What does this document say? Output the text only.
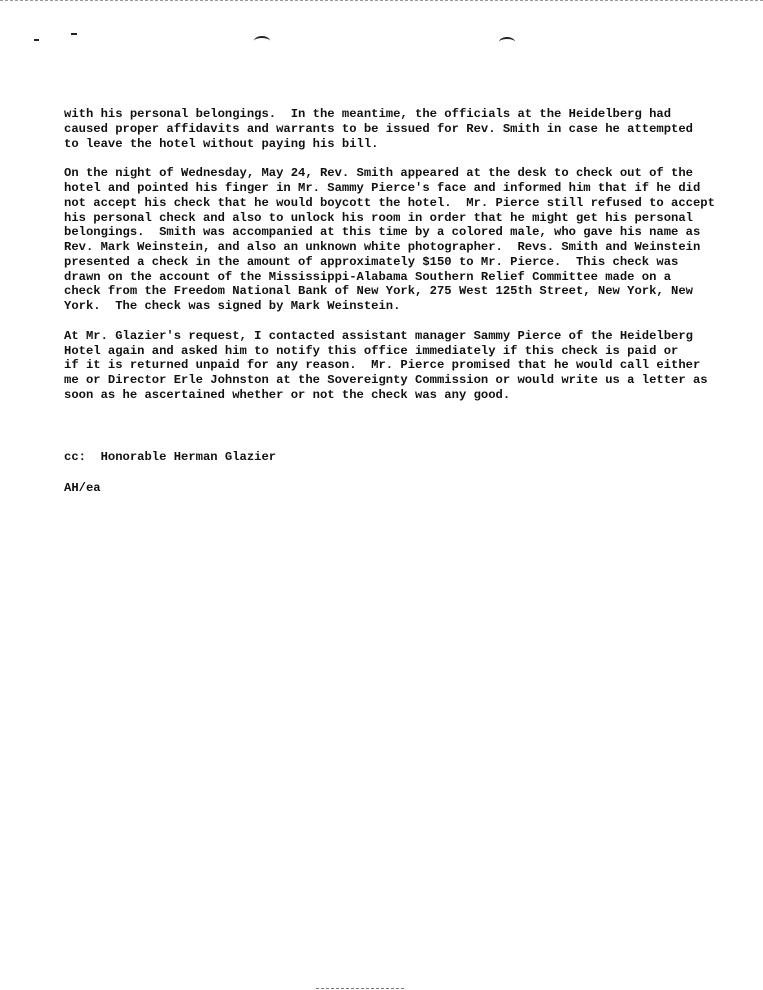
with his personal belongings.  In the meantime, the officials at the Heidelberg had
caused proper affidavits and warrants to be issued for Rev. Smith in case he attempted
to leave the hotel without paying his bill.
On the night of Wednesday, May 24, Rev. Smith appeared at the desk to check out of the
hotel and pointed his finger in Mr. Sammy Pierce's face and informed him that if he did
not accept his check that he would boycott the hotel.  Mr. Pierce still refused to accept
his personal check and also to unlock his room in order that he might get his personal
belongings.  Smith was accompanied at this time by a colored male, who gave his name as
Rev. Mark Weinstein, and also an unknown white photographer.  Revs. Smith and Weinstein
presented a check in the amount of approximately $150 to Mr. Pierce.  This check was
drawn on the account of the Mississippi-Alabama Southern Relief Committee made on a
check from the Freedom National Bank of New York, 275 West 125th Street, New York, New
York.  The check was signed by Mark Weinstein.
At Mr. Glazier's request, I contacted assistant manager Sammy Pierce of the Heidelberg
Hotel again and asked him to notify this office immediately if this check is paid or
if it is returned unpaid for any reason.  Mr. Pierce promised that he would call either
me or Director Erle Johnston at the Sovereignty Commission or would write us a letter as
soon as he ascertained whether or not the check was any good.
cc:  Honorable Herman Glazier
AH/ea
